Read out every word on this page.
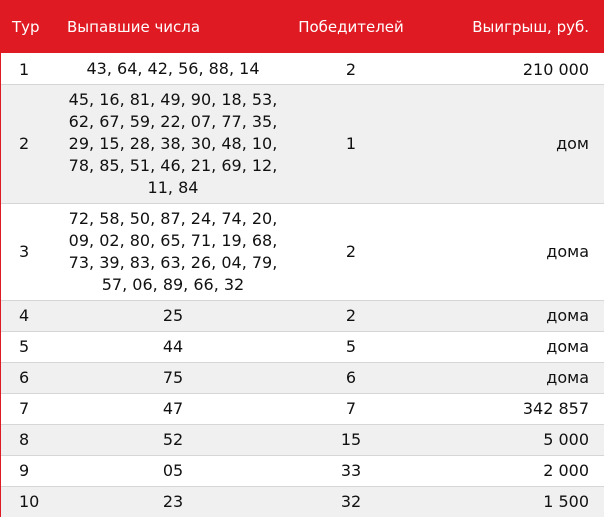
Тур	Выпавшие числа	Победителей	Выигрыш, руб.
1	43, 64, 42, 56, 88, 14	2	210 000
2	45, 16, 81, 49, 90, 18, 53, 62, 67, 59, 22, 07, 77, 35, 29, 15, 28, 38, 30, 48, 10, 78, 85, 51, 46, 21, 69, 12, 11, 84	1	дом
3	72, 58, 50, 87, 24, 74, 20, 09, 02, 80, 65, 71, 19, 68, 73, 39, 83, 63, 26, 04, 79, 57, 06, 89, 66, 32	2	дома
4	25	2	дома
5	44	5	дома
6	75	6	дома
7	47	7	342 857
8	52	15	5 000
9	05	33	2 000
10	23	32	1 500
